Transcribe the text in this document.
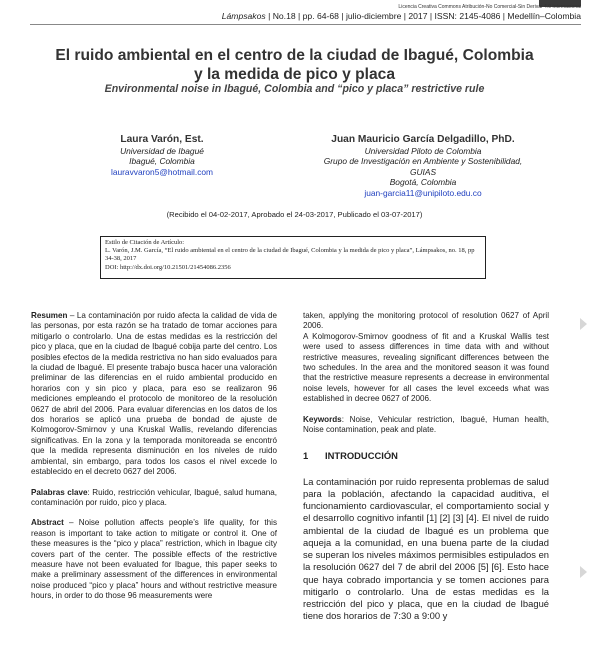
Licencia Creativa Commons Atribución-No Comercial-Sin Derivar 4.0 Internacional
Lámpsakos | No.18 | pp. 64-68 | julio-diciembre | 2017 | ISSN: 2145-4086 | Medellín–Colombia
El ruido ambiental en el centro de la ciudad de Ibagué, Colombia
y la medida de pico y placa
Environmental noise in Ibagué, Colombia and “pico y placa” restrictive rule
Laura Varón, Est.
Universidad de Ibagué
Ibagué, Colombia
lauravvaron5@hotmail.com
Juan Mauricio García Delgadillo, PhD.
Universidad Piloto de Colombia
Grupo de Investigación en Ambiente y Sostenibilidad,
GUIAS
Bogotá, Colombia
juan-garcia11@unipiloto.edu.co
(Recibido el 04-02-2017, Aprobado el 24-03-2017, Publicado el 03-07-2017)
Estilo de Citación de Artículo:
L. Varón, J.M. García, “El ruido ambiental en el centro de la ciudad de Ibagué, Colombia y la medida de pico y placa”, Lámpsakos, no. 18, pp 34-38, 2017
DOI: http://dx.doi.org/10.21501/21454086.2356

Resumen – La contaminación por ruido afecta la calidad de vida de las personas, por esta razón se ha tratado de tomar acciones para mitigarlo o controlarlo. Una de estas medidas es la restricción del pico y placa, que en la ciudad de Ibagué cobija parte del centro. Los posibles efectos de la medida restrictiva no han sido evaluados para la ciudad de Ibagué. El presente trabajo busca hacer una valoración preliminar de las diferencias en el ruido ambiental producido en horarios con y sin pico y placa, para eso se realizaron 96 mediciones empleando el protocolo de monitoreo de la resolución 0627 de abril del 2006. Para evaluar diferencias en los datos de los dos horarios se aplicó una prueba de bondad de ajuste de Kolmogorov-Smirnov y una Kruskal Wallis, revelando diferencias significativas. En la zona y la temporada monitoreada se encontró que la medida representa disminución en los niveles de ruido ambiental, sin embargo, para todos los casos el nivel excede lo establecido en el decreto 0627 del 2006.

Palabras clave: Ruido, restricción vehicular, Ibagué, salud humana, contaminación por ruido, pico y placa.

Abstract – Noise pollution affects people’s life quality, for this reason is important to take action to mitigate or control it. One of these measures is the “pico y placa” restriction, which in Ibague city covers part of the center. The possible effects of the restrictive measure have not been evaluated for Ibague, this paper seeks to make a preliminary assessment of the differences in environmental noise produced “pico y placa” hours and without restrictive measure hours, in order to do those 96 measurements were

taken, applying the monitoring protocol of resolution 0627 of April 2006.

A Kolmogorov-Smirnov goodness of fit and a Kruskal Wallis test were used to assess differences in time data with and without restrictive measures, revealing significant differences between the two schedules. In the area and the monitored season it was found that the restrictive measure represents a decrease in environmental noise levels, however for all cases the level exceeds what was established in decree 0627 of 2006.

Keywords: Noise, Vehicular restriction, Ibagué, Human health, Noise contamination, peak and plate.

1 INTRODUCCIÓN

La contaminación por ruido representa problemas de salud para la población, afectando la capacidad auditiva, el funcionamiento cardiovascular, el comportamiento social y el desarrollo cognitivo infantil [1] [2] [3] [4]. El nivel de ruido ambiental de la ciudad de Ibagué es un problema que aqueja a la comunidad, en una buena parte de la ciudad se superan los niveles máximos permisibles estipulados en la resolución 0627 del 7 de abril del 2006 [5] [6]. Esto hace que haya cobrado importancia y se tomen acciones para mitigarlo o controlarlo. Una de estas medidas es la restricción del pico y placa, que en la ciudad de Ibagué tiene dos horarios de 7:30 a 9:00 y
